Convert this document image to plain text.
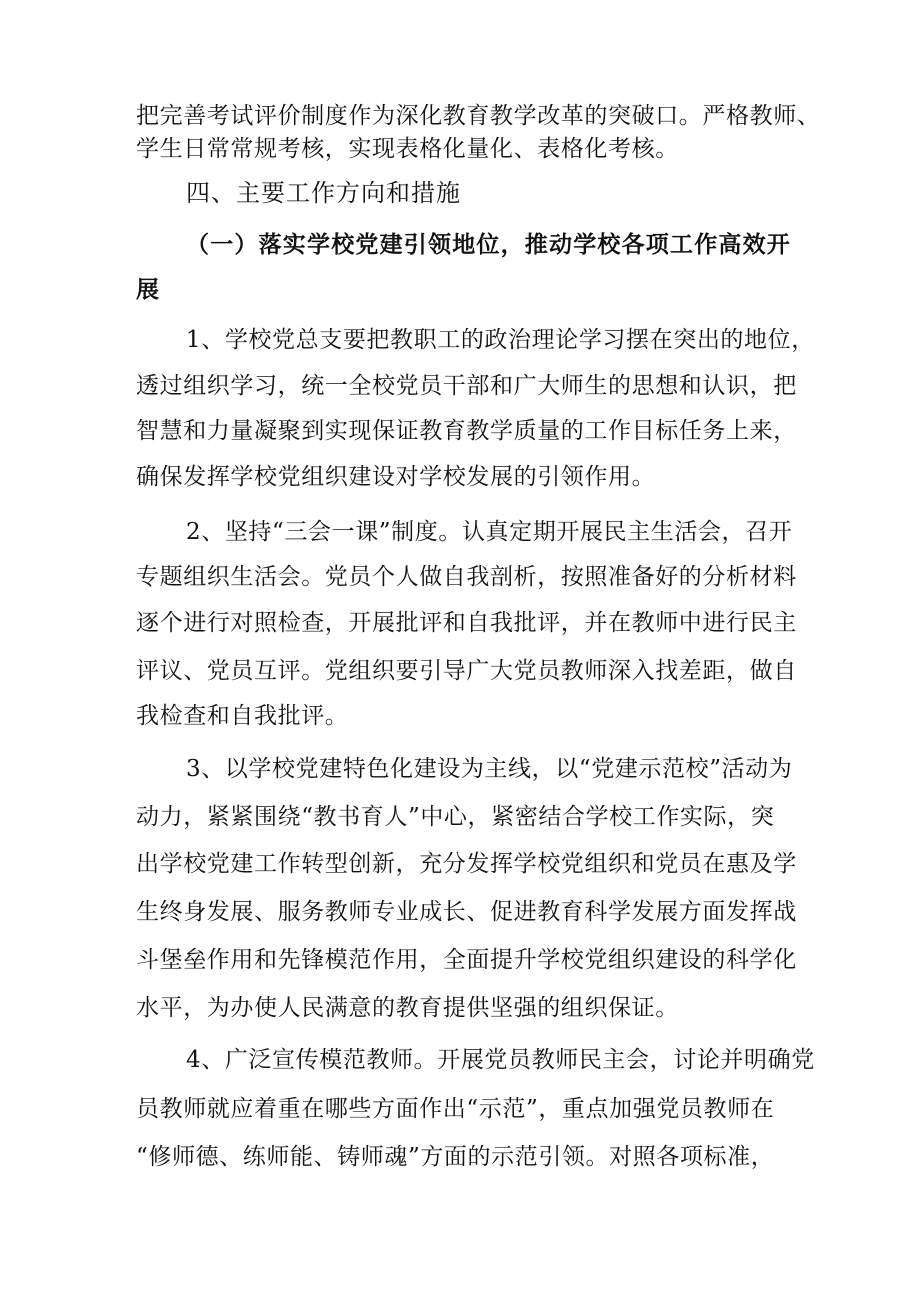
把完善考试评价制度作为深化教育教学改革的突破口。严格教师、
学生日常常规考核，实现表格化量化、表格化考核。
四、主要工作方向和措施
（一）落实学校党建引领地位，推动学校各项工作高效开
展
1、学校党总支要把教职工的政治理论学习摆在突出的地位，
透过组织学习，统一全校党员干部和广大师生的思想和认识，把
智慧和力量凝聚到实现保证教育教学质量的工作目标任务上来，
确保发挥学校党组织建设对学校发展的引领作用。
2、坚持“三会一课”制度。认真定期开展民主生活会，召开
专题组织生活会。党员个人做自我剖析，按照准备好的分析材料
逐个进行对照检查，开展批评和自我批评，并在教师中进行民主
评议、党员互评。党组织要引导广大党员教师深入找差距，做自
我检查和自我批评。
3、以学校党建特色化建设为主线，以“党建示范校”活动为
动力，紧紧围绕“教书育人”中心，紧密结合学校工作实际，突
出学校党建工作转型创新，充分发挥学校党组织和党员在惠及学
生终身发展、服务教师专业成长、促进教育科学发展方面发挥战
斗堡垒作用和先锋模范作用，全面提升学校党组织建设的科学化
水平，为办使人民满意的教育提供坚强的组织保证。
4、广泛宣传模范教师。开展党员教师民主会，讨论并明确党
员教师就应着重在哪些方面作出“示范”，重点加强党员教师在
“修师德、练师能、铸师魂”方面的示范引领。对照各项标准，
